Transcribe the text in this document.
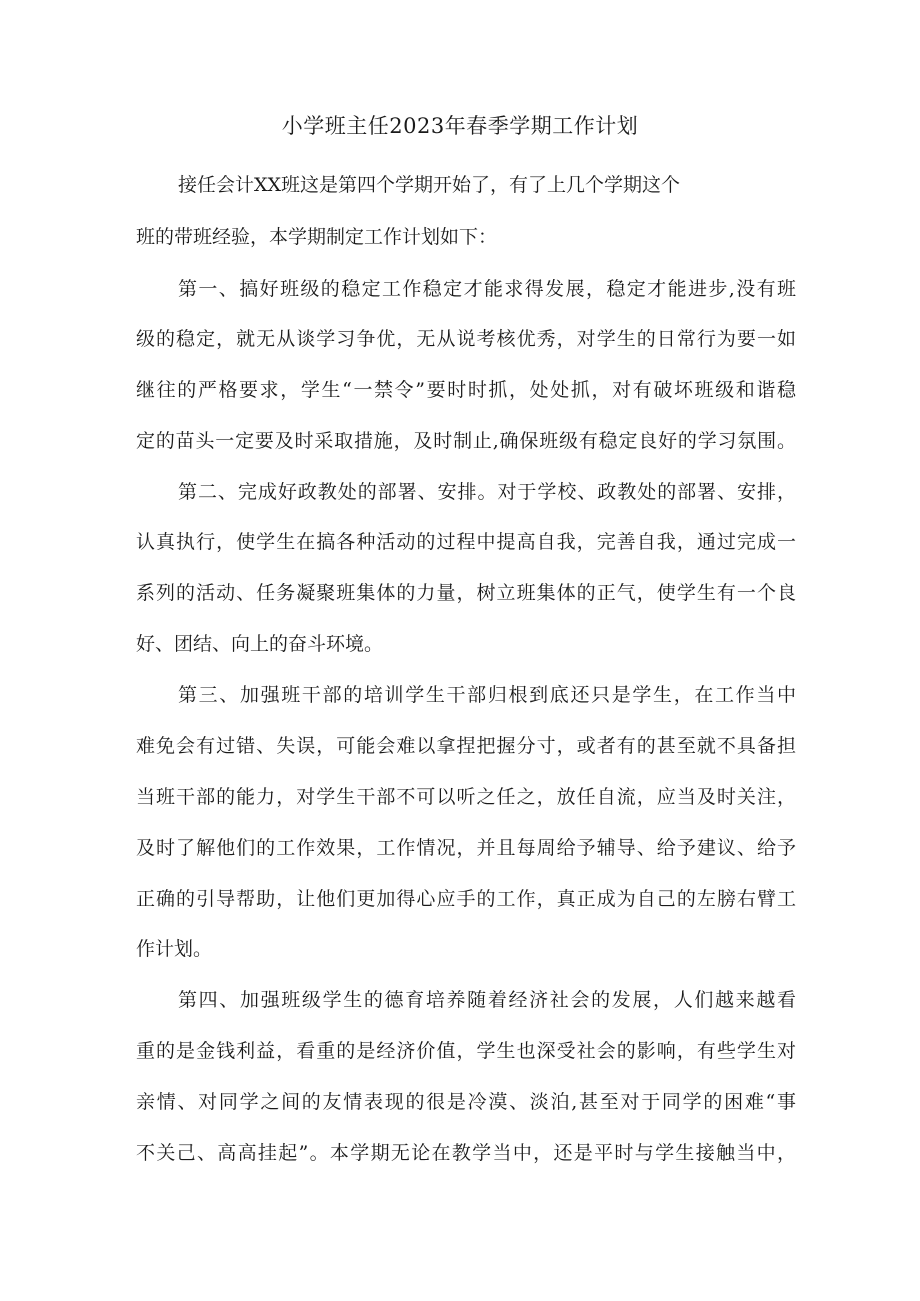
小学班主任2023年春季学期工作计划
接任会计XX班这是第四个学期开始了，有了上几个学期这个
班的带班经验，本学期制定工作计划如下：
第一、搞好班级的稳定工作稳定才能求得发展，稳定才能进步,没有班
级的稳定，就无从谈学习争优，无从说考核优秀，对学生的日常行为要一如
继往的严格要求，学生“一禁令”要时时抓，处处抓，对有破坏班级和谐稳
定的苗头一定要及时采取措施，及时制止,确保班级有稳定良好的学习氛围。
第二、完成好政教处的部署、安排。对于学校、政教处的部署、安排，
认真执行，使学生在搞各种活动的过程中提高自我，完善自我，通过完成一
系列的活动、任务凝聚班集体的力量，树立班集体的正气，使学生有一个良
好、团结、向上的奋斗环境。
第三、加强班干部的培训学生干部归根到底还只是学生，在工作当中
难免会有过错、失误，可能会难以拿捏把握分寸，或者有的甚至就不具备担
当班干部的能力，对学生干部不可以听之任之，放任自流，应当及时关注，
及时了解他们的工作效果，工作情况，并且每周给予辅导、给予建议、给予
正确的引导帮助，让他们更加得心应手的工作，真正成为自己的左膀右臂工
作计划。
第四、加强班级学生的德育培养随着经济社会的发展，人们越来越看
重的是金钱利益，看重的是经济价值，学生也深受社会的影响，有些学生对
亲情、对同学之间的友情表现的很是冷漠、淡泊,甚至对于同学的困难“事
不关己、高高挂起”。本学期无论在教学当中，还是平时与学生接触当中，
